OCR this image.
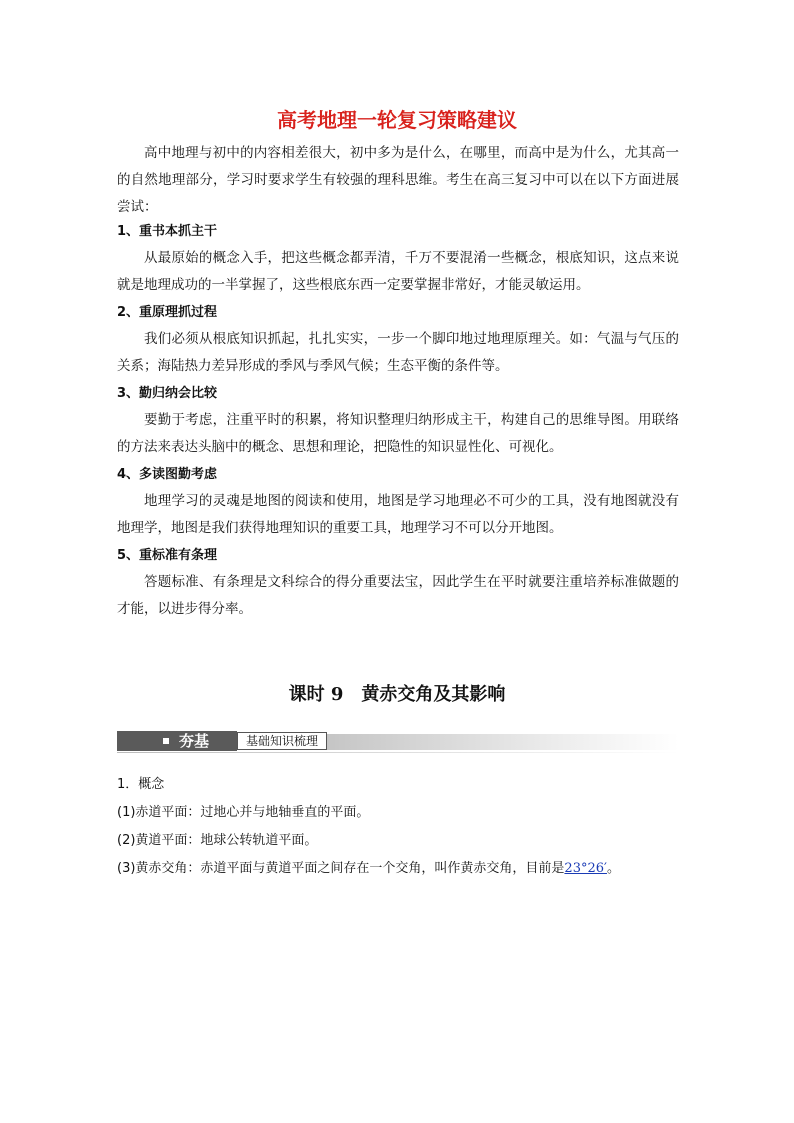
高考地理一轮复习策略建议

高中地理与初中的内容相差很大，初中多为是什么，在哪里，而高中是为什么，尤其高一的自然地理部分，学习时要求学生有较强的理科思维。考生在高三复习中可以在以下方面进展尝试：

1、重书本抓主干

从最原始的概念入手，把这些概念都弄清，千万不要混淆一些概念，根底知识，这点来说就是地理成功的一半掌握了，这些根底东西一定要掌握非常好，才能灵敏运用。

2、重原理抓过程

我们必须从根底知识抓起，扎扎实实，一步一个脚印地过地理原理关。如：气温与气压的关系；海陆热力差异形成的季风与季风气候；生态平衡的条件等。

3、勤归纳会比较

要勤于考虑，注重平时的积累，将知识整理归纳形成主干，构建自己的思维导图。用联络的方法来表达头脑中的概念、思想和理论，把隐性的知识显性化、可视化。

4、多读图勤考虑

地理学习的灵魂是地图的阅读和使用，地图是学习地理必不可少的工具，没有地图就没有地理学，地图是我们获得地理知识的重要工具，地理学习不可以分开地图。

5、重标准有条理

答题标准、有条理是文科综合的得分重要法宝，因此学生在平时就要注重培养标准做题的才能，以进步得分率。

课时 9 黄赤交角及其影响
夯基	基础知识梳理

1．概念

(1)赤道平面：过地心并与地轴垂直的平面。

(2)黄道平面：地球公转轨道平面。

(3)黄赤交角：赤道平面与黄道平面之间存在一个交角，叫作黄赤交角，目前是23°26′。
